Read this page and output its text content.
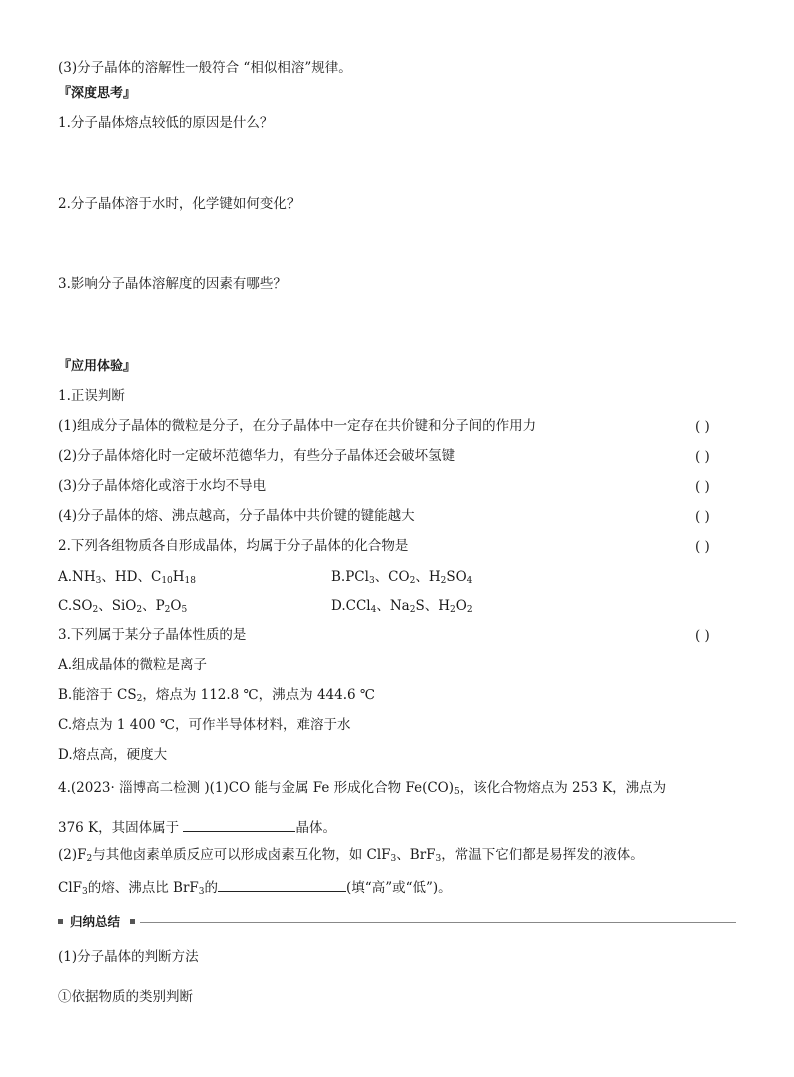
(3)分子晶体的溶解性一般符合 “相似相溶”规律。
『深度思考』
1.分子晶体熔点较低的原因是什么？
2.分子晶体溶于水时，化学键如何变化？
3.影响分子晶体溶解度的因素有哪些？
『应用体验』
1.正误判断
(1)组成分子晶体的微粒是分子，在分子晶体中一定存在共价键和分子间的作用力	( )
(2)分子晶体熔化时一定破坏范德华力，有些分子晶体还会破坏氢键	( )
(3)分子晶体熔化或溶于水均不导电	( )
(4)分子晶体的熔、沸点越高，分子晶体中共价键的键能越大	( )
2.下列各组物质各自形成晶体，均属于分子晶体的化合物是	( )
$A.NH_3$、HD、$C_{10}H_{18}$	B.PCl$_3$、$CO_2$、$H_2SO_4$
$C.SO_2$、SiO$_2$、$P_2O_5$	D.CCl$_4$、$Na_2S$、$H_2O_2$
3.下列属于某分子晶体性质的是	( )
A.组成晶体的微粒是离子
B.能溶于 $CS_2$，熔点为 112.8 ℃，沸点为 444.6 ℃
C.熔点为 1 400 ℃，可作半导体材料，难溶于水
D.熔点高，硬度大
4.(2023· 淄博高二检测 )(1)CO 能与金属 Fe 形成化合物 $Fe(CO)_5$，该化合物熔点为 253 K，沸点为
376 K，其固体属于	晶体。
$(2)F_2$与其他卤素单质反应可以形成卤素互化物，如 ClF$_3$、BrF$_3$，常温下它们都是易挥发的液体。
ClF$_3$的熔、沸点比 BrF$_3$的	(填“高”或“低”)。
归纳总结
(1)分子晶体的判断方法
①依据物质的类别判断
